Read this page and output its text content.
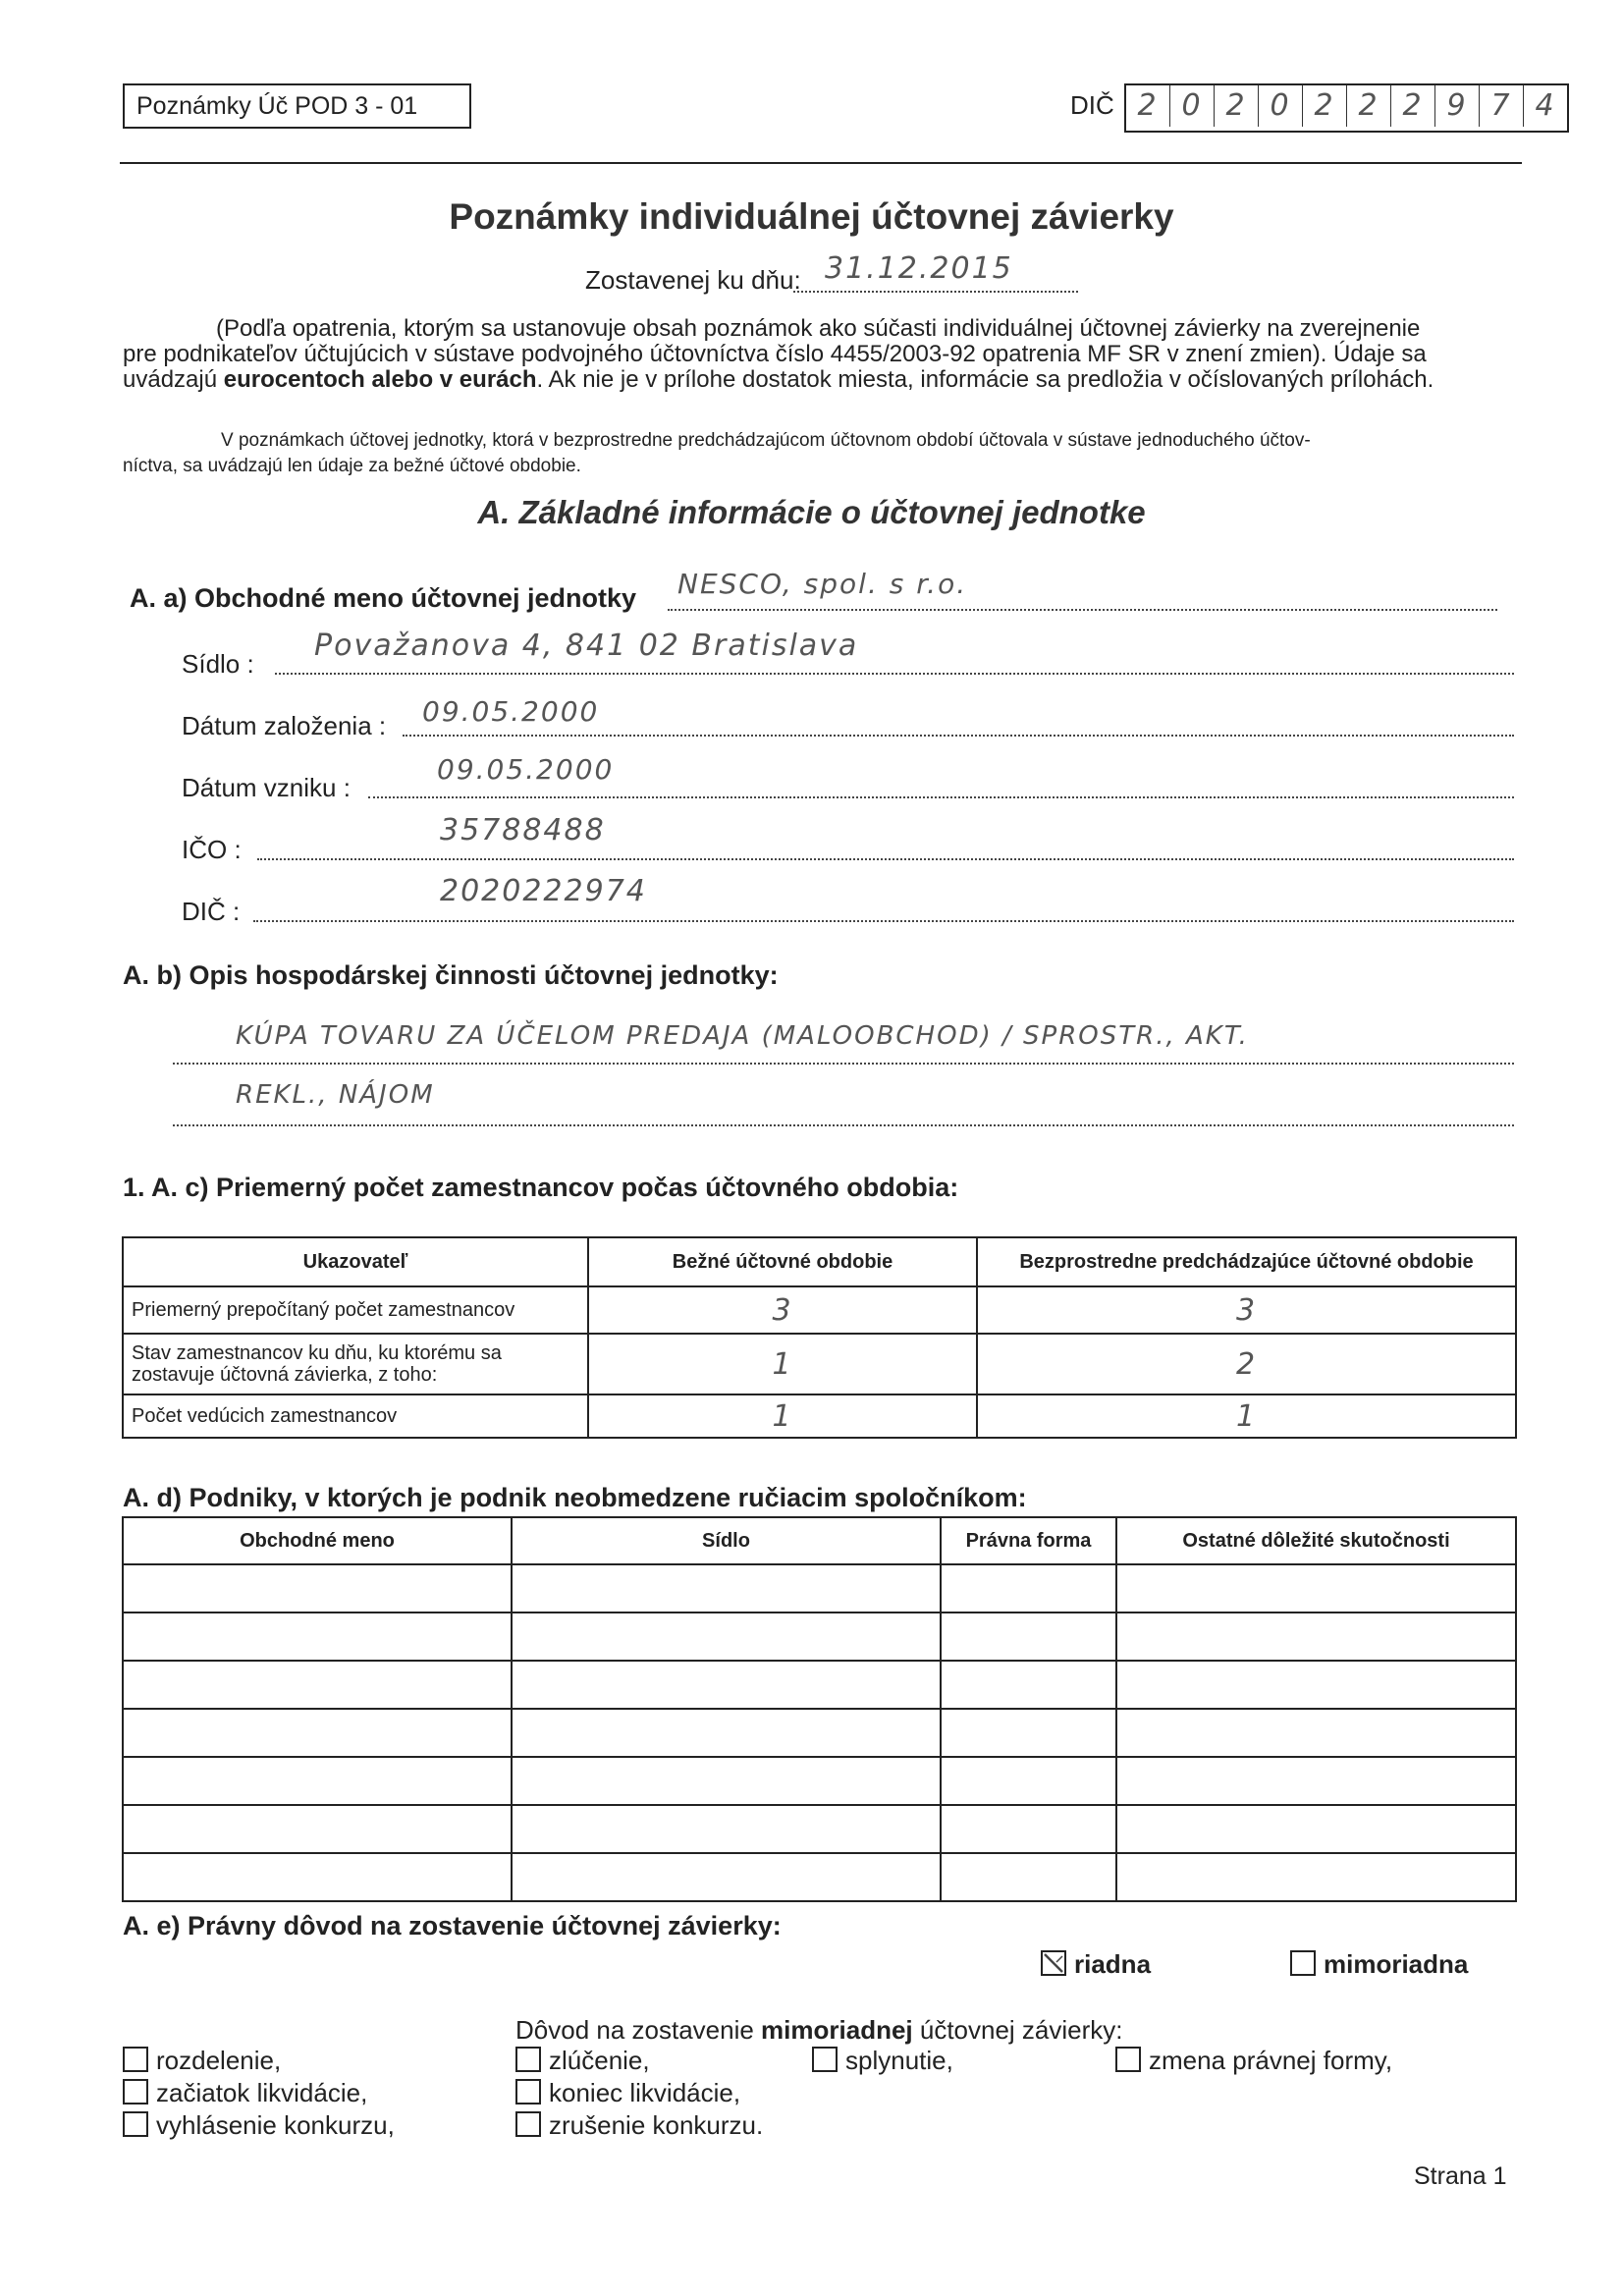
Poznámky Úč POD 3 - 01	DIČ 2 0 2 0 2 2 2 9 7 4
Poznámky individuálnej účtovnej závierky
Zostavenej ku dňu: 31.12.2015
(Podľa opatrenia, ktorým sa ustanovuje obsah poznámok ako súčasti individuálnej účtovnej závierky na zverejnenie
pre podnikateľov účtujúcich v sústave podvojného účtovníctva číslo 4455/2003-92 opatrenia MF SR v znení zmien). Údaje sa
uvádzajú eurocentoch alebo v eurách. Ak nie je v prílohe dostatok miesta, informácie sa predložia v očíslovaných prílohách.
V poznámkach účtovej jednotky, ktorá v bezprostredne predchádzajúcom účtovnom období účtovala v sústave jednoduchého účtov-
níctva, sa uvádzajú len údaje za bežné účtové obdobie.
A. Základné informácie o účtovnej jednotke
A. a) Obchodné meno účtovnej jednotky NESCO, spol. s r.o.
Sídlo :
Považanova 4, 841 02 Bratislava
Dátum založenia : 09.05.2000
Dátum vzniku :
09.05.2000
IČO :
35788488
DIČ :
2020222974
A. b) Opis hospodárskej činnosti účtovnej jednotky:
KÚPA TOVARU ZA ÚČELOM PREDAJA (MALOOBCHOD) / SPROSTR., AKT.
REKL., NÁJOM
1. A. c) Priemerný počet zamestnancov počas účtovného obdobia:
Ukazovateľ	Bežné účtovné obdobie	Bezprostredne predchádzajúce účtovné obdobie
Priemerný prepočítaný počet zamestnancov	3	3
Stav zamestnancov ku dňu, ku ktorému sa zostavuje účtovná závierka, z toho:	1	2
Počet vedúcich zamestnancov	1	1
A. d) Podniky, v ktorých je podnik neobmedzene ručiacim spoločníkom:
Obchodné meno	Sídlo	Právna forma	Ostatné dôležité skutočnosti

A. e) Právny dôvod na zostavenie účtovnej závierky:
riadna	mimoriadna
Dôvod na zostavenie mimoriadnej účtovnej závierky:
rozdelenie,
začiatok likvidácie,
vyhlásenie konkurzu,
zlúčenie,
koniec likvidácie,
zrušenie konkurzu.
splynutie,	zmena právnej formy,
Strana 1
